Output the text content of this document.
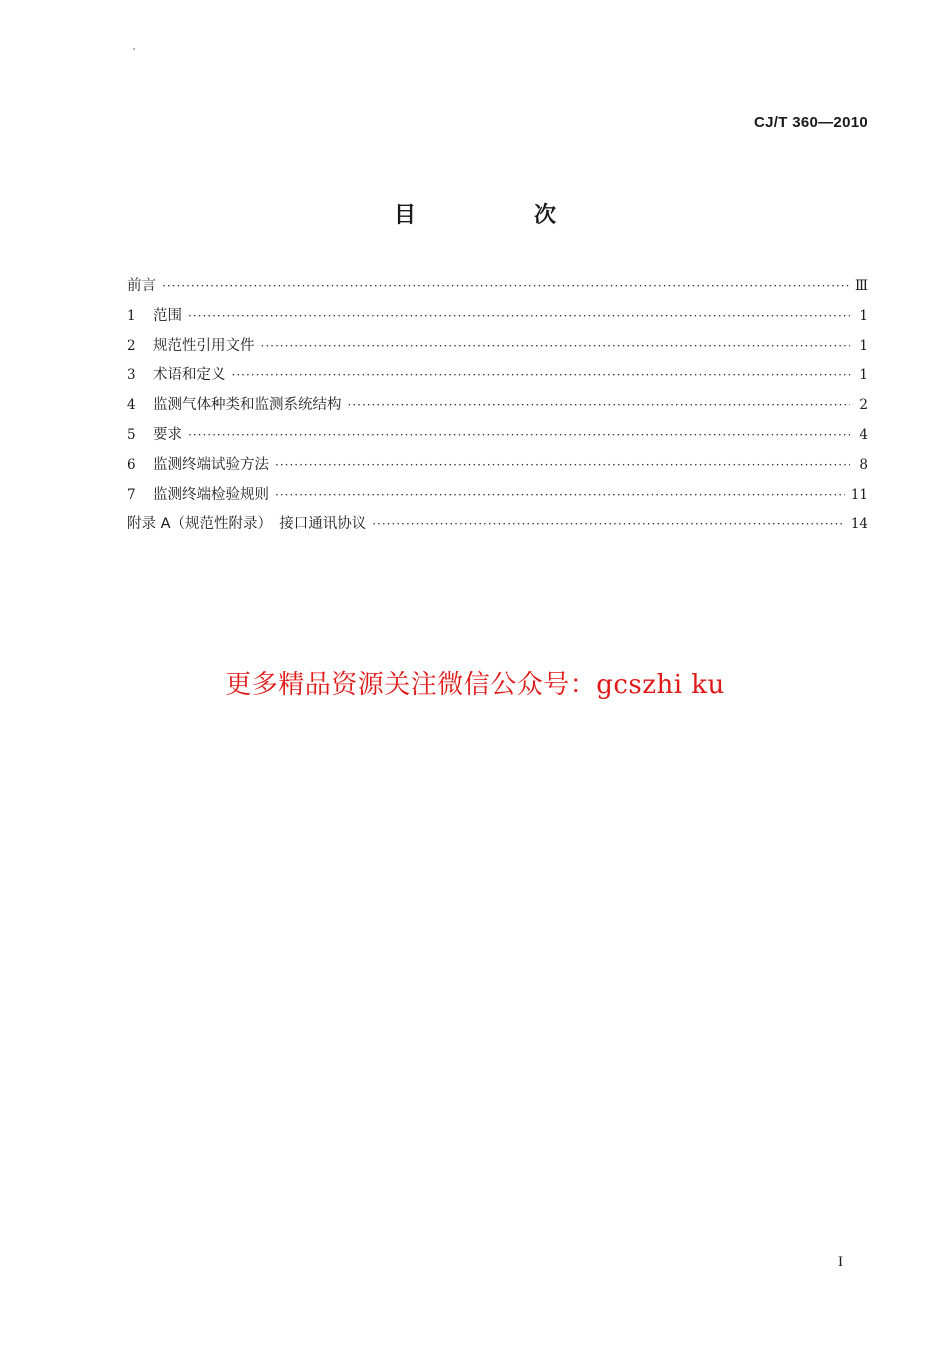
CJ/T 360—2010
目　次
前言 ·····	Ⅲ
1	范围 ·····	1
2	规范性引用文件 ·····	1
3	术语和定义 ·····	1
4	监测气体种类和监测系统结构 ·····	2
5	要求 ·····	4
6	监测终端试验方法 ·····	8
7	监测终端检验规则 ·····	11
附录 A（规范性附录）　接口通讯协议 ·····	14
更多精品资源关注微信公众号：gcszhi ku
I
